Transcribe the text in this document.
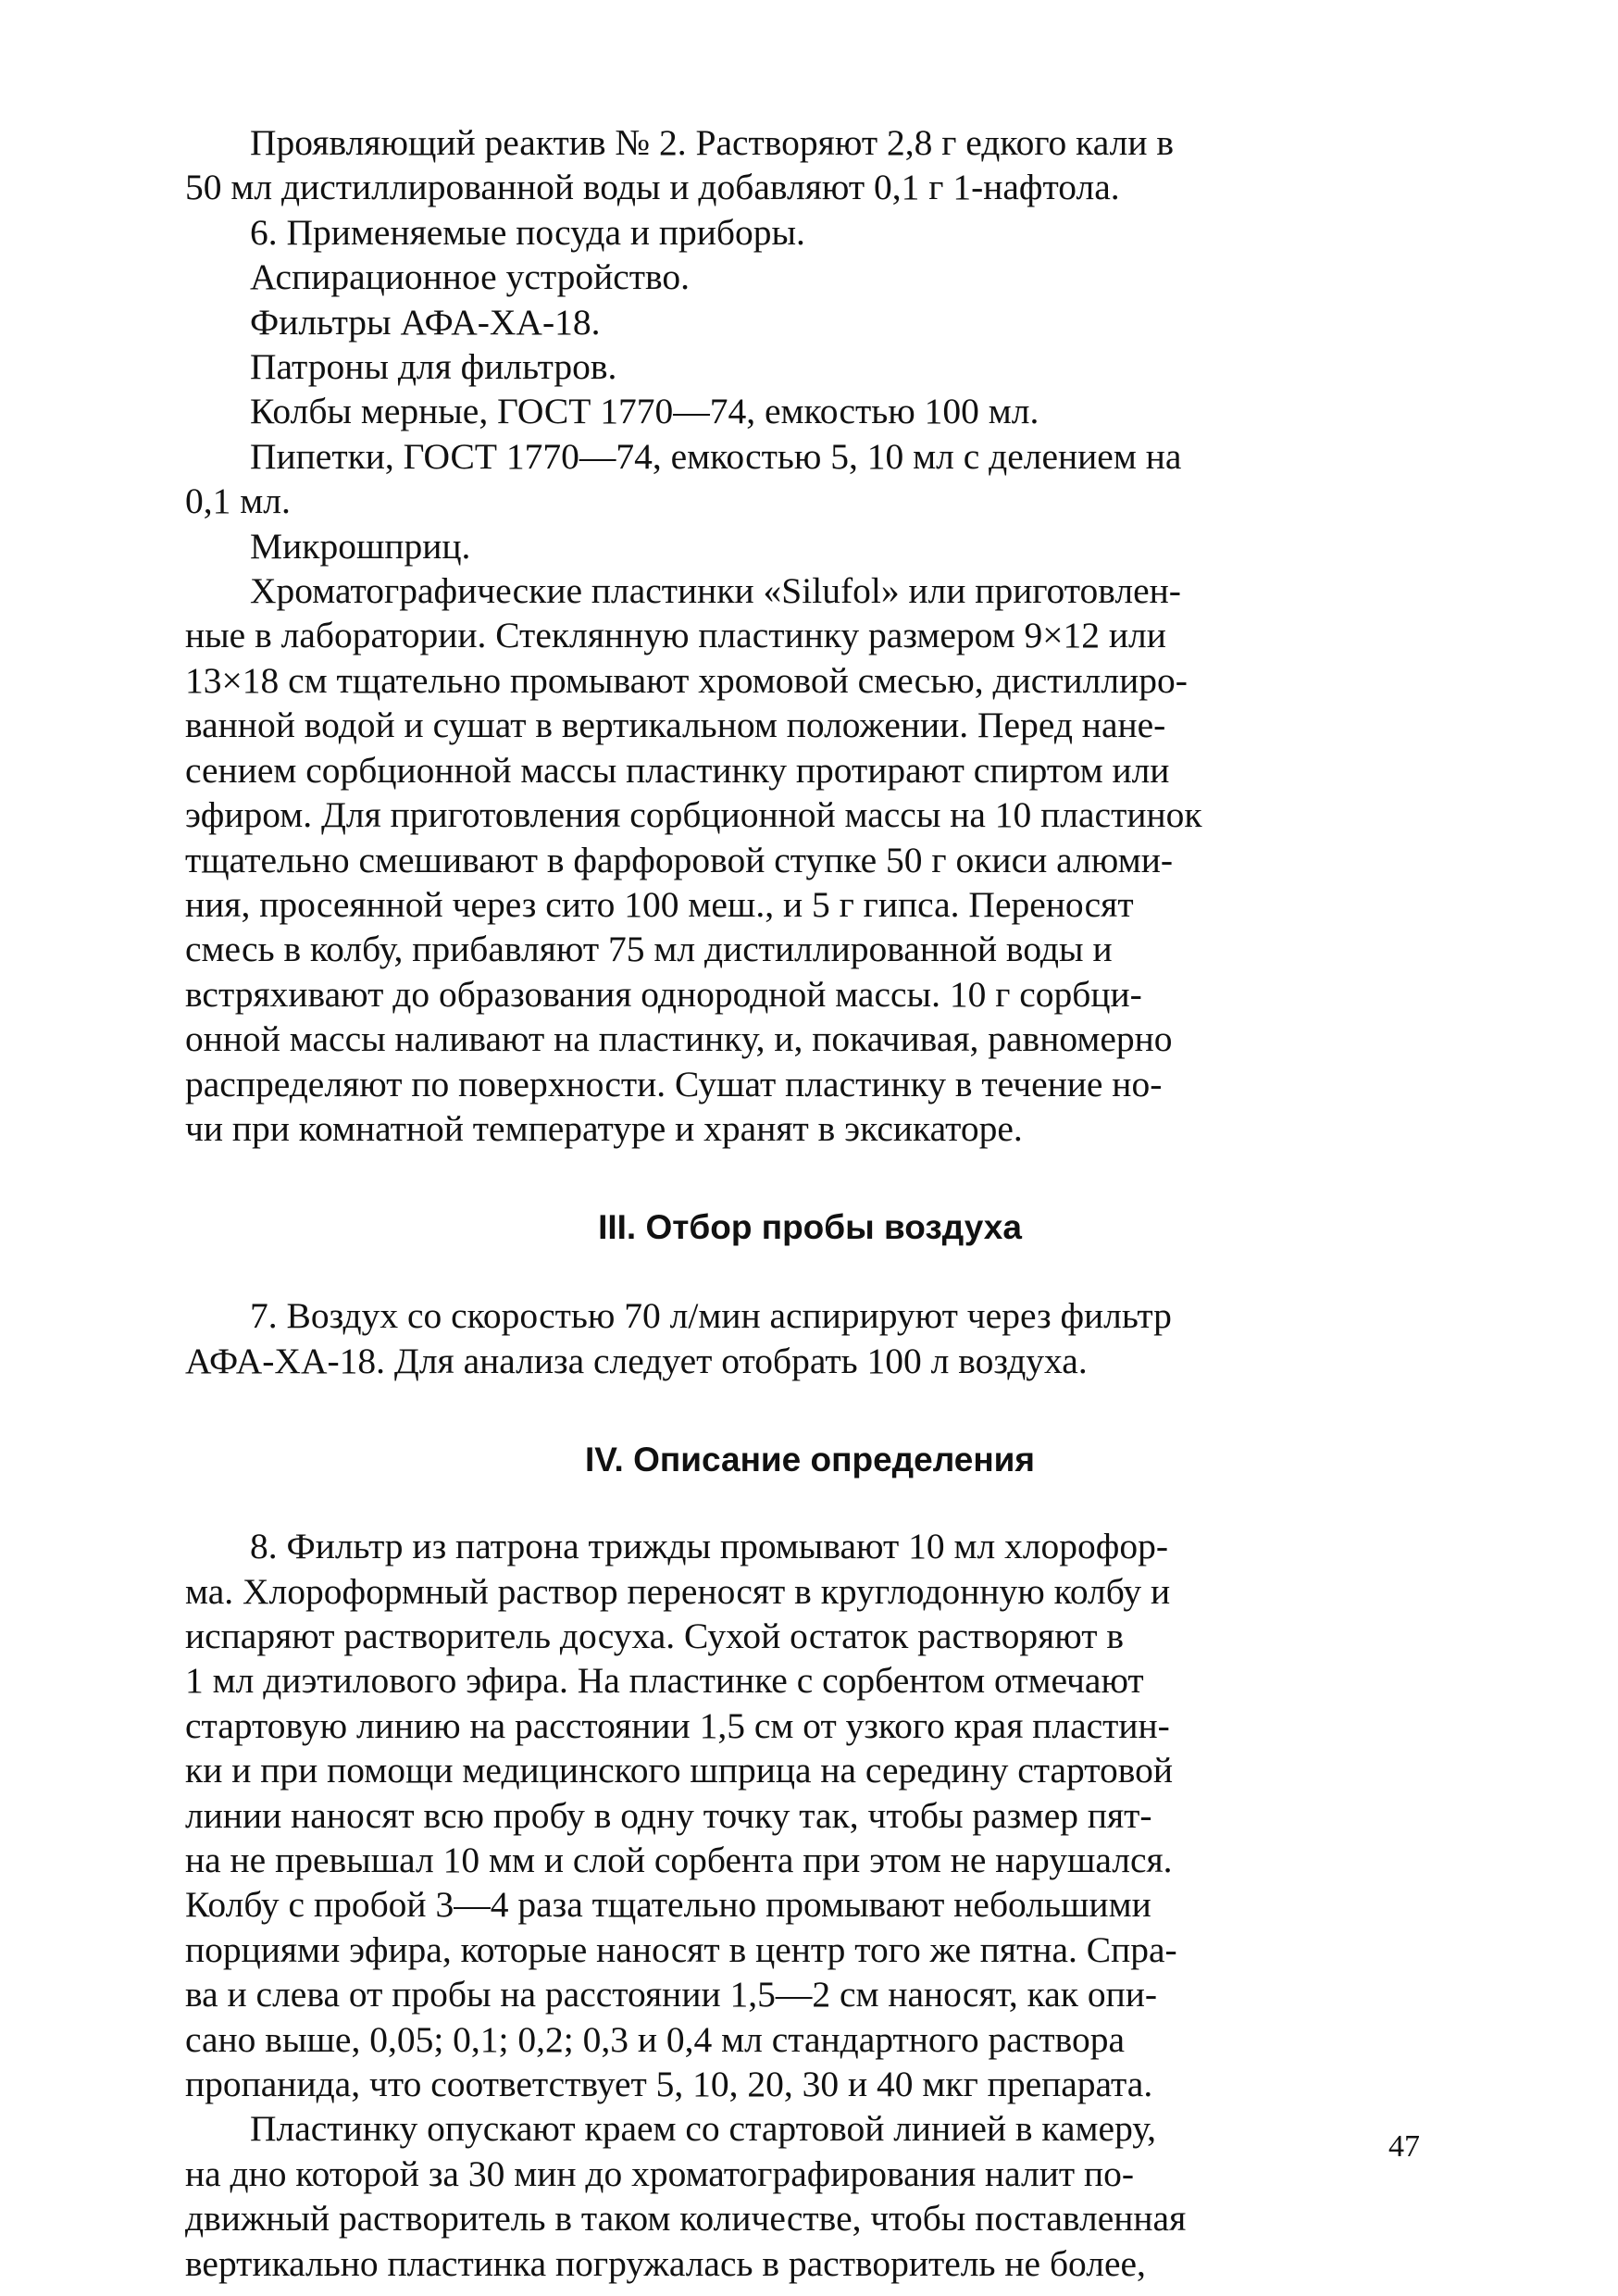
Проявляющий реактив № 2. Растворяют 2,8 г едкого кали в
50 мл дистиллированной воды и добавляют 0,1 г 1-нафтола.
6. Применяемые посуда и приборы.
Аспирационное устройство.
Фильтры АФА-ХА-18.
Патроны для фильтров.
Колбы мерные, ГОСТ 1770—74, емкостью 100 мл.
Пипетки, ГОСТ 1770—74, емкостью 5, 10 мл с делением на
0,1 мл.
Микрошприц.
Хроматографические пластинки «Silufol» или приготовлен-
ные в лаборатории. Стеклянную пластинку размером 9×12 или
13×18 см тщательно промывают хромовой смесью, дистиллиро-
ванной водой и сушат в вертикальном положении. Перед нане-
сением сорбционной массы пластинку протирают спиртом или
эфиром. Для приготовления сорбционной массы на 10 пластинок
тщательно смешивают в фарфоровой ступке 50 г окиси алюми-
ния, просеянной через сито 100 меш., и 5 г гипса. Переносят
смесь в колбу, прибавляют 75 мл дистиллированной воды и
встряхивают до образования однородной массы. 10 г сорбци-
онной массы наливают на пластинку, и, покачивая, равномерно
распределяют по поверхности. Сушат пластинку в течение но-
чи при комнатной температуре и хранят в эксикаторе.
III. Отбор пробы воздуха
7. Воздух со скоростью 70 л/мин аспирируют через фильтр
АФА-ХА-18. Для анализа следует отобрать 100 л воздуха.
IV. Описание определения
8. Фильтр из патрона трижды промывают 10 мл хлорофор-
ма. Хлороформный раствор переносят в круглодонную колбу и
испаряют растворитель досуха. Сухой остаток растворяют в
1 мл диэтилового эфира. На пластинке с сорбентом отмечают
стартовую линию на расстоянии 1,5 см от узкого края пластин-
ки и при помощи медицинского шприца на середину стартовой
линии наносят всю пробу в одну точку так, чтобы размер пят-
на не превышал 10 мм и слой сорбента при этом не нарушался.
Колбу с пробой 3—4 раза тщательно промывают небольшими
порциями эфира, которые наносят в центр того же пятна. Спра-
ва и слева от пробы на расстоянии 1,5—2 см наносят, как опи-
сано выше, 0,05; 0,1; 0,2; 0,3 и 0,4 мл стандартного раствора
пропанида, что соответствует 5, 10, 20, 30 и 40 мкг препарата.
Пластинку опускают краем со стартовой линией в камеру,
на дно которой за 30 мин до хроматографирования налит по-
движный растворитель в таком количестве, чтобы поставленная
вертикально пластинка погружалась в растворитель не более,
47
